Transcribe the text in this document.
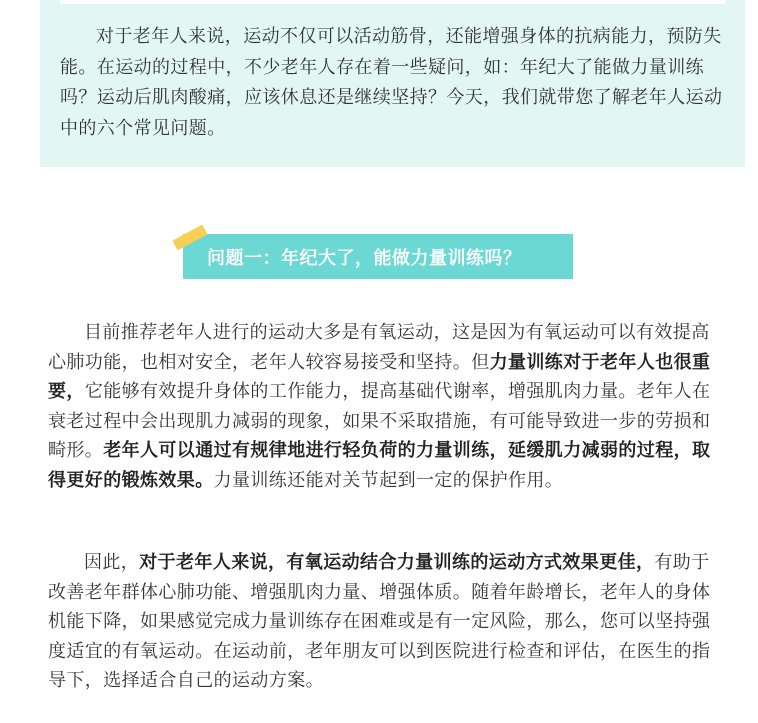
对于老年人来说，运动不仅可以活动筋骨，还能增强身体的抗病能力，预防失能。在运动的过程中，不少老年人存在着一些疑问，如：年纪大了能做力量训练吗？运动后肌肉酸痛，应该休息还是继续坚持？今天，我们就带您了解老年人运动中的六个常见问题。

问题一：年纪大了，能做力量训练吗？

目前推荐老年人进行的运动大多是有氧运动，这是因为有氧运动可以有效提高心肺功能，也相对安全，老年人较容易接受和坚持。但力量训练对于老年人也很重要，它能够有效提升身体的工作能力，提高基础代谢率，增强肌肉力量。老年人在衰老过程中会出现肌力减弱的现象，如果不采取措施，有可能导致进一步的劳损和畸形。老年人可以通过有规律地进行轻负荷的力量训练，延缓肌力减弱的过程，取得更好的锻炼效果。力量训练还能对关节起到一定的保护作用。

因此，对于老年人来说，有氧运动结合力量训练的运动方式效果更佳，有助于改善老年群体心肺功能、增强肌肉力量、增强体质。随着年龄增长，老年人的身体机能下降，如果感觉完成力量训练存在困难或是有一定风险，那么，您可以坚持强度适宜的有氧运动。在运动前，老年朋友可以到医院进行检查和评估，在医生的指导下，选择适合自己的运动方案。
